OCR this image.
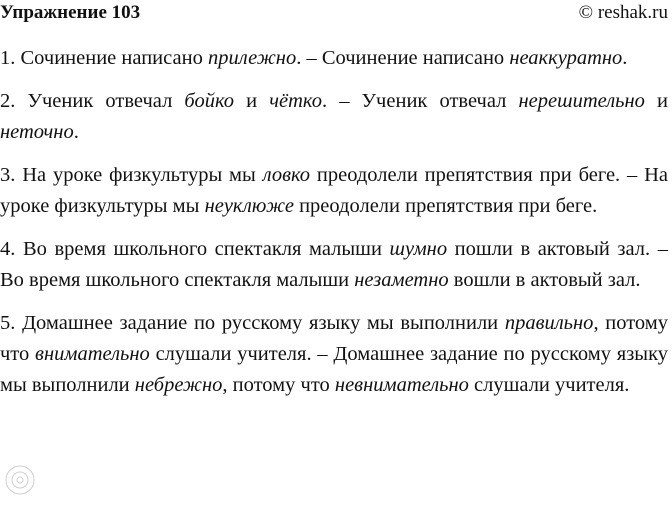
Упражнение 103	© reshak.ru

1. Сочинение написано прилежно. – Сочинение написано неаккуратно.

2. Ученик отвечал бойко и чётко. – Ученик отвечал нерешительно и неточно.

3. На уроке физкультуры мы ловко преодолели препятствия при беге. – На уроке физкультуры мы неуклюже преодолели препятствия при беге.

4. Во время школьного спектакля малыши шумно пошли в актовый зал. – Во время школьного спектакля малыши незаметно вошли в актовый зал.

5. Домашнее задание по русскому языку мы выполнили правильно, потому что внимательно слушали учителя. – Домашнее задание по русскому языку мы выполнили небрежно, потому что невнимательно слушали учителя.
